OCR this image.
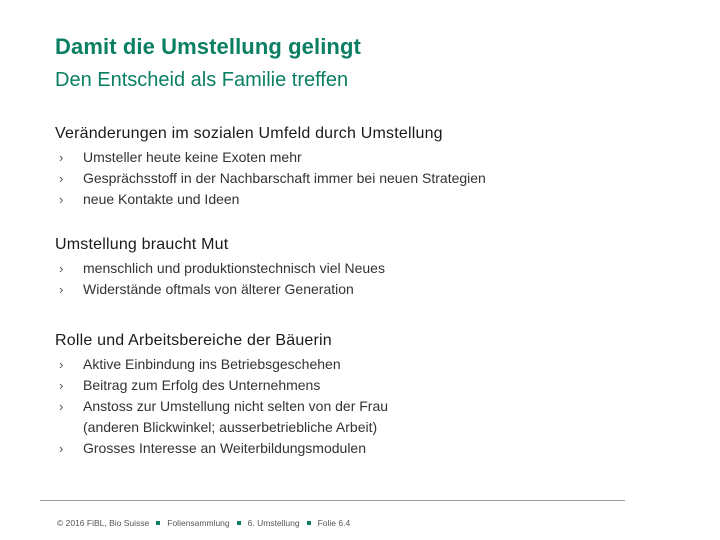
Damit die Umstellung gelingt
Den Entscheid als Familie treffen
Veränderungen im sozialen Umfeld durch Umstellung
› Umsteller heute keine Exoten mehr
› Gesprächsstoff in der Nachbarschaft immer bei neuen Strategien
› neue Kontakte und Ideen
Umstellung braucht Mut
› menschlich und produktionstechnisch viel Neues
› Widerstände oftmals von älterer Generation
Rolle und Arbeitsbereiche der Bäuerin
› Aktive Einbindung ins Betriebsgeschehen
› Beitrag zum Erfolg des Unternehmens
› Anstoss zur Umstellung nicht selten von der Frau
(anderen Blickwinkel; ausserbetriebliche Arbeit)
› Grosses Interesse an Weiterbildungsmodulen
© 2016 FiBL, Bio Suisse Foliensammlung 6. Umstellung Folie 6.4
